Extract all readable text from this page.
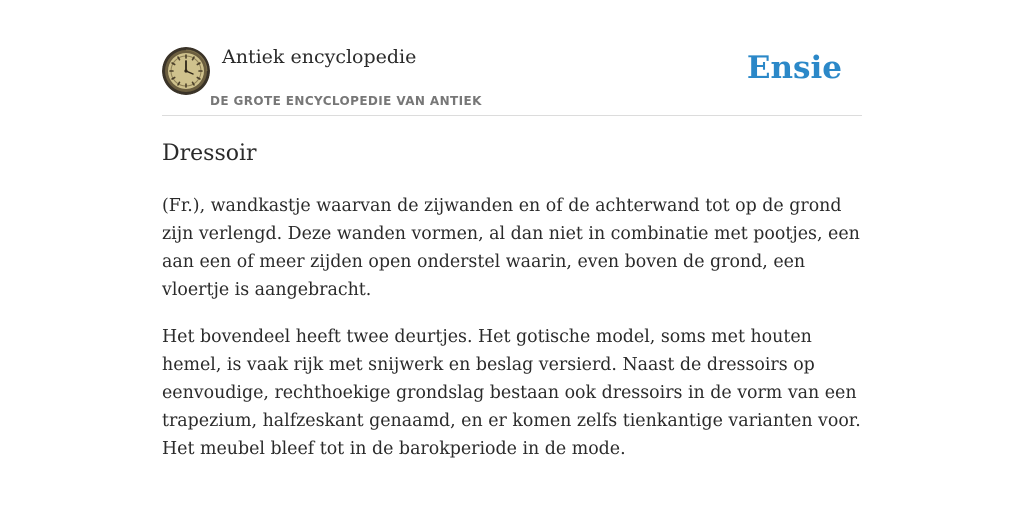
Antiek encyclopedie
DE GROTE ENCYCLOPEDIE VAN ANTIEK
Ensie
Dressoir

(Fr.), wandkastje waarvan de zijwanden en of de achterwand tot op de grond zijn verlengd. Deze wanden vormen, al dan niet in combinatie met pootjes, een aan een of meer zijden open onderstel waarin, even boven de grond, een vloertje is aangebracht.

Het bovendeel heeft twee deurtjes. Het gotische model, soms met houten hemel, is vaak rijk met snijwerk en beslag versierd. Naast de dressoirs op eenvoudige, rechthoekige grondslag bestaan ook dressoirs in de vorm van een trapezium, halfzeskant genaamd, en er komen zelfs tienkantige varianten voor. Het meubel bleef tot in de barokperiode in de mode.
